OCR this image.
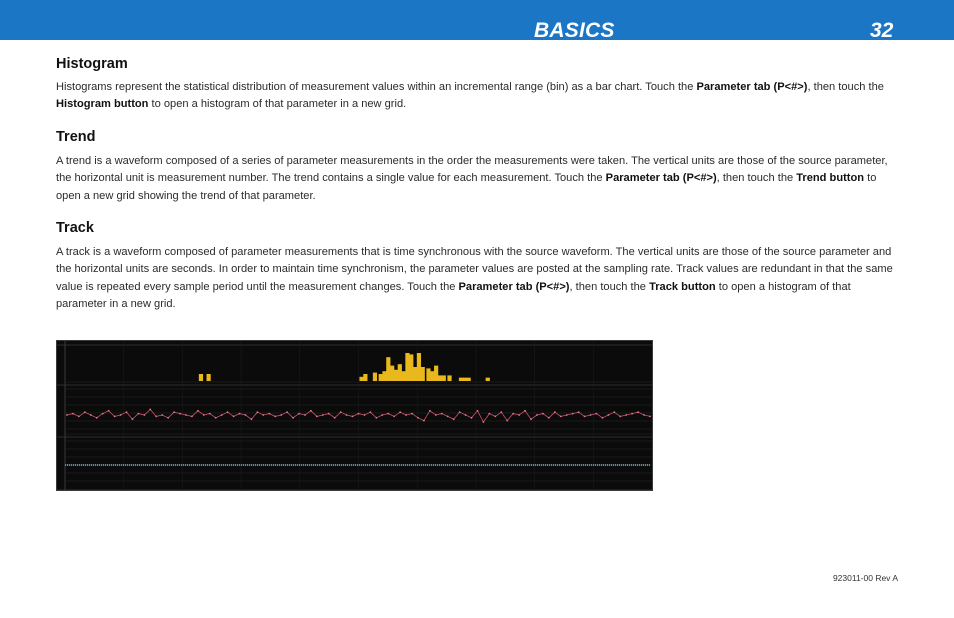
BASICS	32
Histogram

Histograms represent the statistical distribution of measurement values within an incremental range (bin) as a bar chart. Touch the Parameter tab (P<#>), then touch the Histogram button to open a histogram of that parameter in a new grid.

Trend

A trend is a waveform composed of a series of parameter measurements in the order the measurements were taken. The vertical units are those of the source parameter, the horizontal unit is measurement number. The trend contains a single value for each measurement. Touch the Parameter tab (P<#>), then touch the Trend button to open a new grid showing the trend of that parameter.

Track

A track is a waveform composed of parameter measurements that is time synchronous with the source waveform. The vertical units are those of the source parameter and the horizontal units are seconds. In order to maintain time synchronism, the parameter values are posted at the sampling rate. Track values are redundant in that the same value is repeated every sample period until the measurement changes. Touch the Parameter tab (P<#>), then touch the Track button to open a histogram of that parameter in a new grid.

923011-00 Rev A
